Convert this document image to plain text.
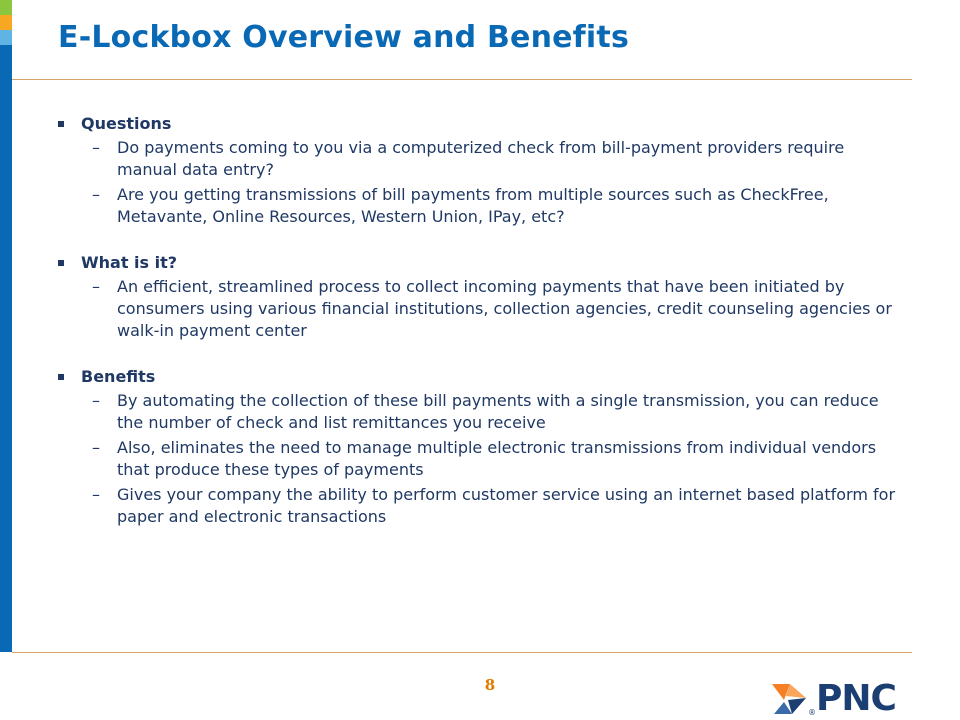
E-Lockbox Overview and Benefits
Questions
–	Do payments coming to you via a computerized check from bill-payment providers require manual data entry?
–	Are you getting transmissions of bill payments from multiple sources such as CheckFree, Metavante, Online Resources, Western Union, IPay, etc?
What is it?
–	An efficient, streamlined process to collect incoming payments that have been initiated by consumers using various financial institutions, collection agencies, credit counseling agencies or walk-in payment center
Benefits
–	By automating the collection of these bill payments with a single transmission, you can reduce the number of check and list remittances you receive
–	Also, eliminates the need to manage multiple electronic transmissions from individual vendors that produce these types of payments
–	Gives your company the ability to perform customer service using an internet based platform for paper and electronic transactions
8
® PNC
